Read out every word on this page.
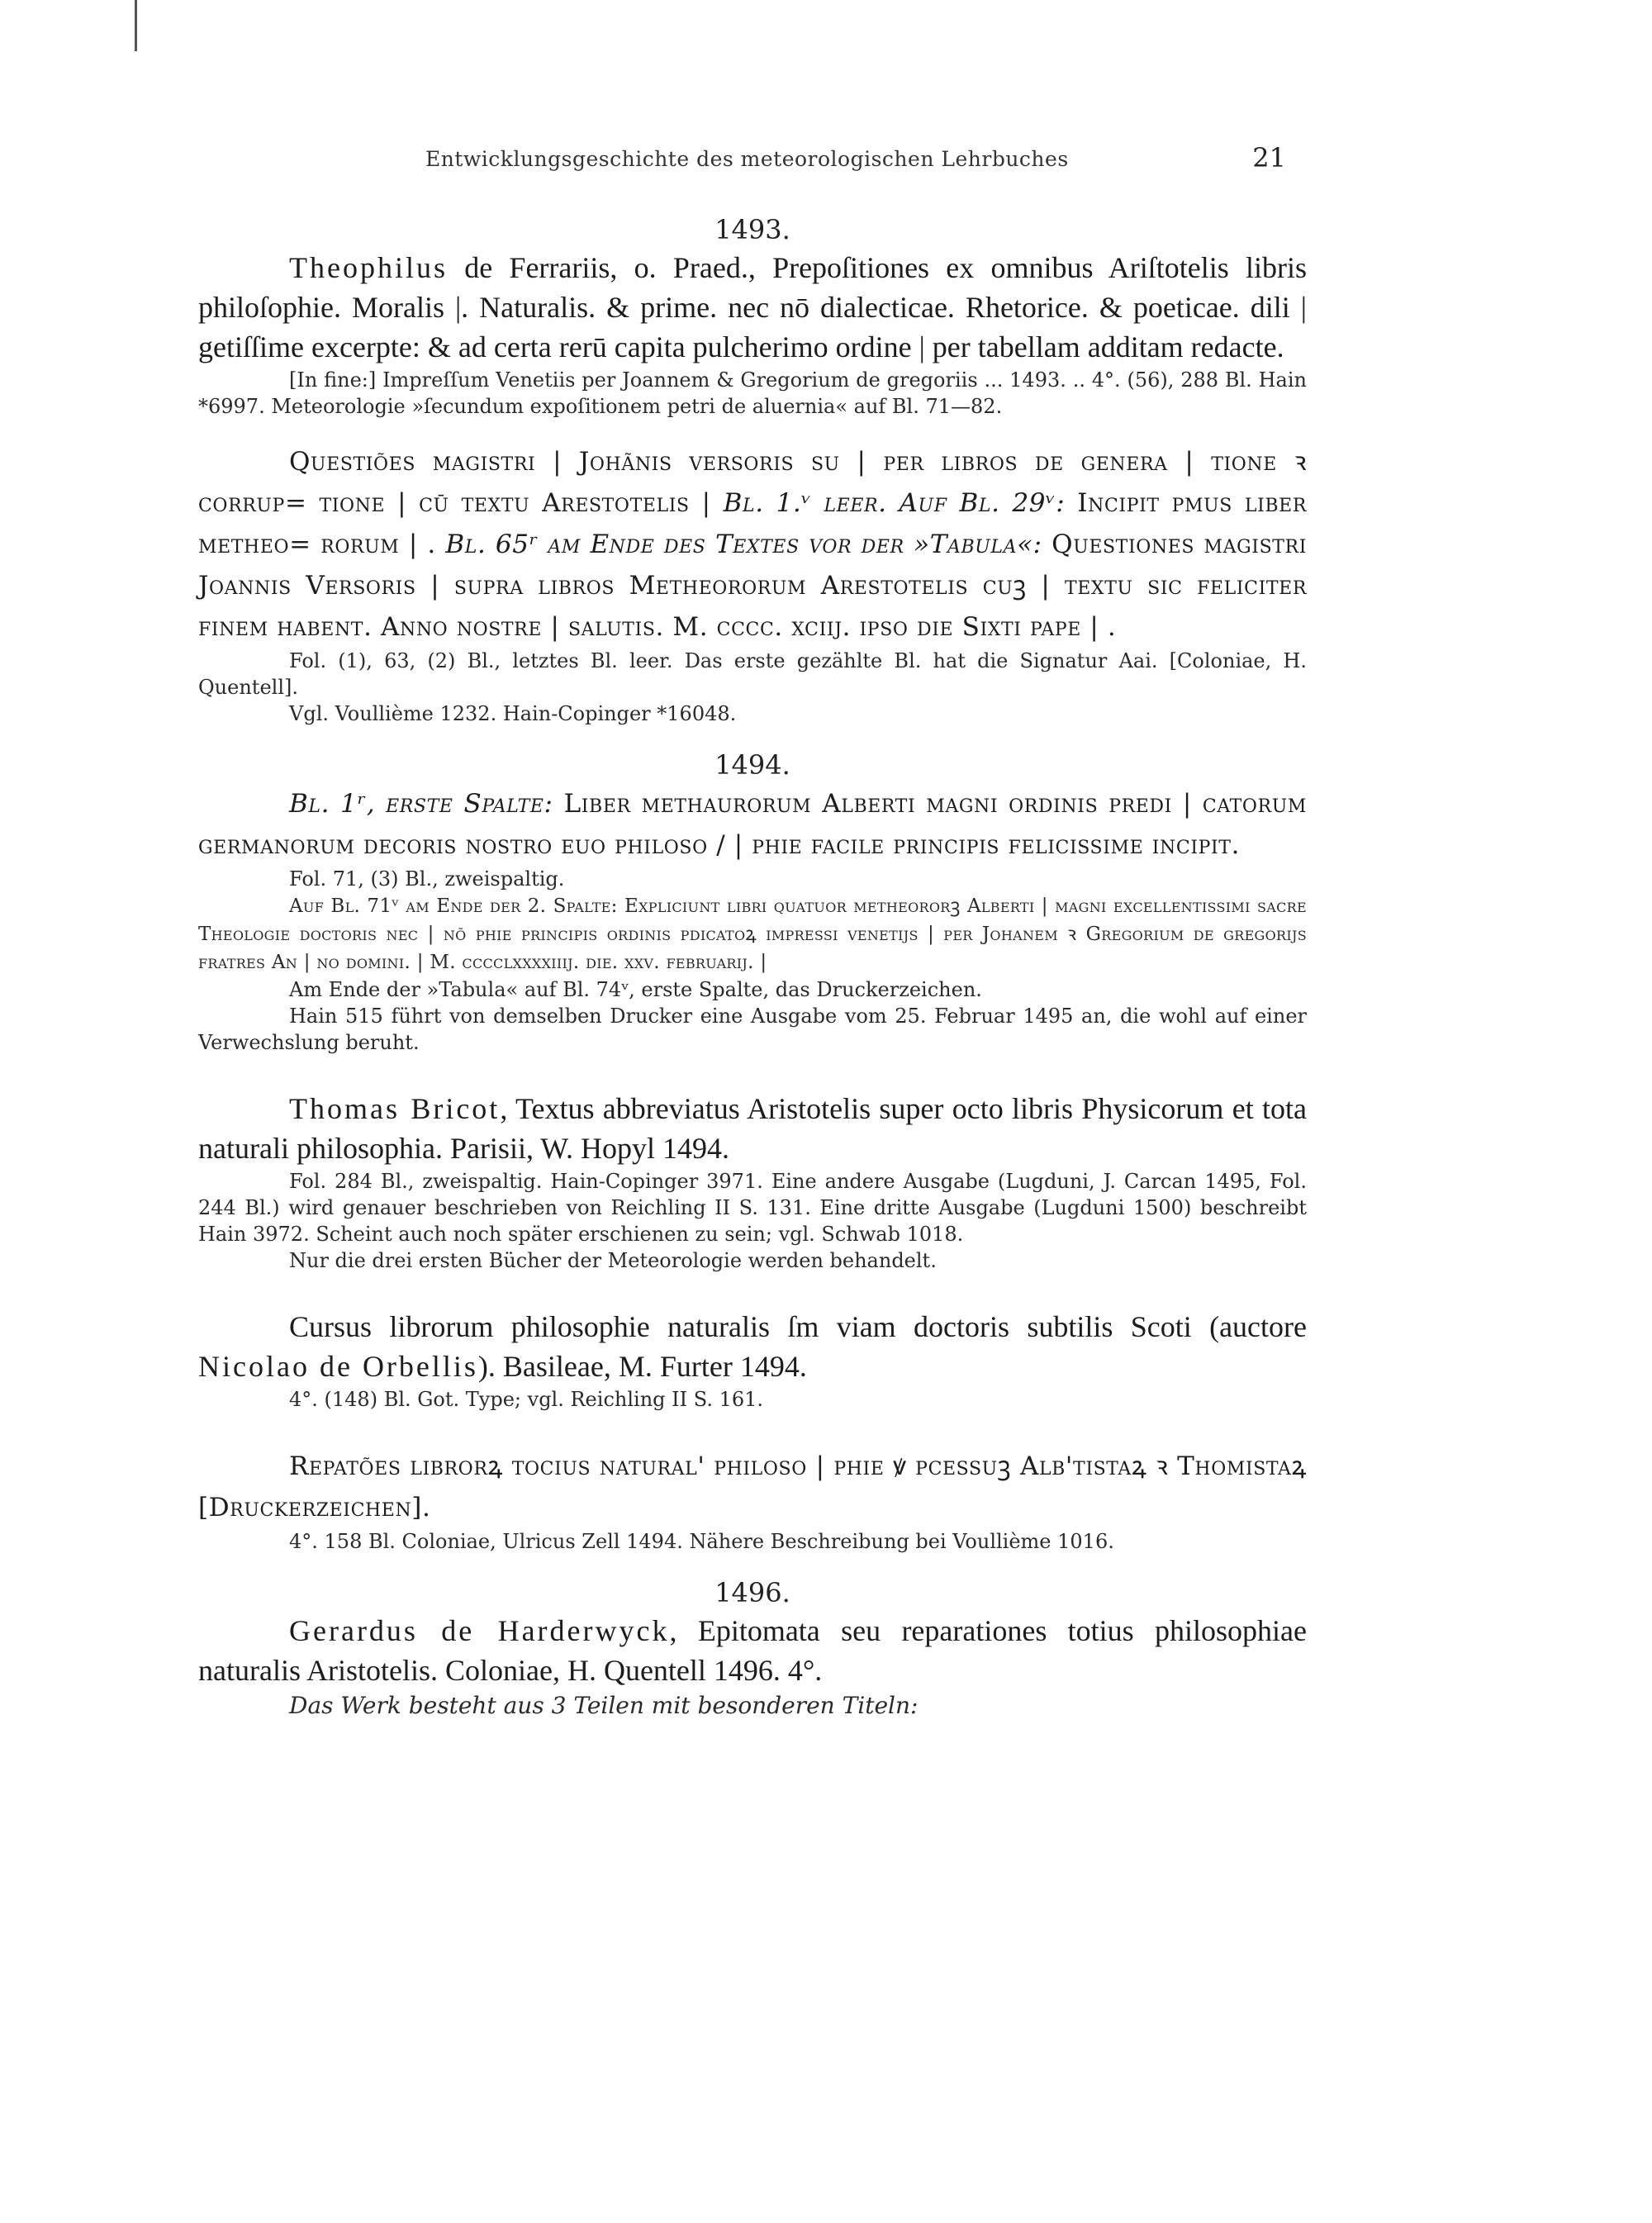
Entwicklungsgeschichte des meteorologischen Lehrbuches	21
1493.
Theophilus de Ferrariis, o. Praed., Prepoſitiones ex omnibus Ariſtotelis libris philoſophie. Moralis |. Naturalis. & prime. nec nō dialecticae. Rhetorice. & poeticae. dili | getiſſime excerpte: & ad certa rerū capita pulcherimo ordine | per tabellam additam redacte.
[In fine:] Impreſſum Venetiis per Joannem & Gregorium de gregoriis ... 1493. .. 4°. (56), 288 Bl. Hain *6997. Meteorologie »ſecundum expoſitionem petri de aluernia« auf Bl. 71—82.
Queſtiões magiſtri | Johãnis verſoris ſu | per libros de genera | tione ꝛ corrup= tione | cū textu Areſtotelis | Bl. 1.ᵛ leer. Auf Bl. 29ᵛ: Incipit pmus liber metheo= rorum | . Bl. 65ʳ am Ende des Textes vor der »Tabula«: Queſtiones magiſtri Joannis Verſoris | ſupra libros Metheororum Areſtotelis cuꝫ | textu ſic feliciter finem habent. Anno noſtre | ſalutis. M. cccc. xciij. ipſo die Sixti pape | .
Fol. (1), 63, (2) Bl., letztes Bl. leer. Das erste gezählte Bl. hat die Signatur Aai. [Coloniae, H. Quentell].
Vgl. Voullième 1232. Hain-Copinger *16048.
1494.
Bl. 1ʳ, erste Spalte: Liber methaurorum Alberti magni ordinis predi | catorum germanorum decoris noſtro euo philoſo / | phie facile principis feliciſſime incipit.
Fol. 71, (3) Bl., zweispaltig.
Auf Bl. 71ᵛ am Ende der 2. Spalte: Expliciunt libri quatuor metheororꝫ Alberti | magni excellentiſſimi ſacre Theologie doctoris nec | nō phie principis ordinis pdicatoꝝ impreſſi venetijs | per Johanem ꝛ Gregorium de gregorijs fratres An | no domini. | M. cccclxxxxiiij. die. xxv. februarij. |
Am Ende der »Tabula« auf Bl. 74ᵛ, erste Spalte, das Druckerzeichen.
Hain 515 führt von demselben Drucker eine Ausgabe vom 25. Februar 1495 an, die wohl auf einer Verwechslung beruht.
Thomas Bricot, Textus abbreviatus Aristotelis super octo libris Physicorum et tota naturali philosophia. Parisii, W. Hopyl 1494.
Fol. 284 Bl., zweispaltig. Hain-Copinger 3971. Eine andere Ausgabe (Lugduni, J. Carcan 1495, Fol. 244 Bl.) wird genauer beschrieben von Reichling II S. 131. Eine dritte Ausgabe (Lugduni 1500) beschreibt Hain 3972. Scheint auch noch später erschienen zu sein; vgl. Schwab 1018.
Nur die drei ersten Bücher der Meteorologie werden behandelt.
Cursus librorum philosophie naturalis ſm viam doctoris subtilis Scoti (auctore Nicolao de Orbellis). Basileae, M. Furter 1494.
4°. (148) Bl. Got. Type; vgl. Reichling II S. 161.
Repatões librorꝝ tocius natural' philoſo | phie ꝟ pceſſuꝫ Alb'tiſtaꝝ ꝛ Thomiſtaꝝ [Druckerzeichen].
4°. 158 Bl. Coloniae, Ulricus Zell 1494. Nähere Beschreibung bei Voullième 1016.
1496.
Gerardus de Harderwyck, Epitomata seu reparationes totius philosophiae naturalis Aristotelis. Coloniae, H. Quentell 1496. 4°.
Das Werk besteht aus 3 Teilen mit besonderen Titeln:
